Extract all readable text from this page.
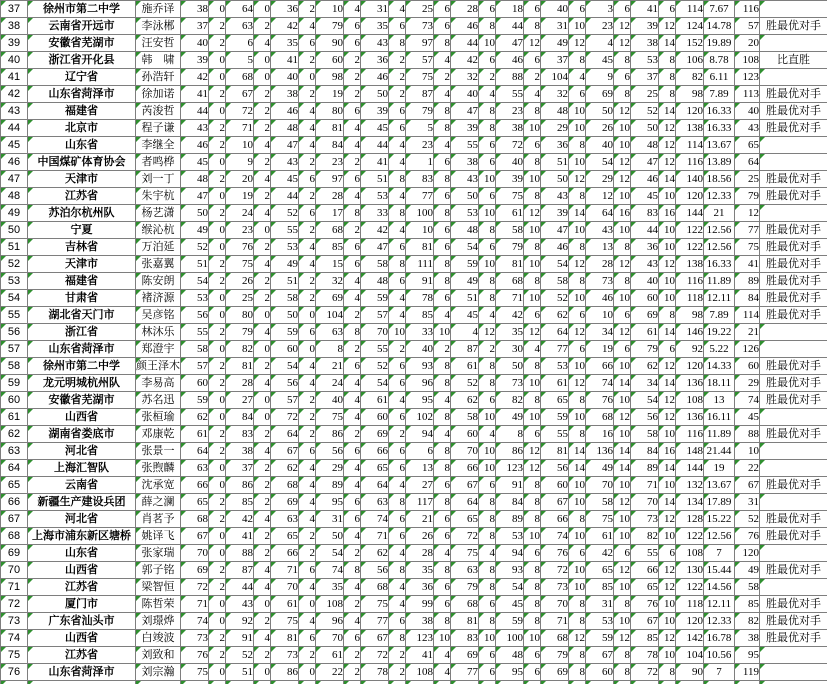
37	徐州市第二中学	施乔译	38	0	64	0	36	2	10	4	31	4	25	6	28	6	18	6	40	6	3	6	41	6	114	7.67	116	

38	云南省开远市	李泳郴	37	2	63	2	42	4	79	6	35	6	73	6	46	8	44	8	31	10	23	12	39	12	124	14.78	57	胜最优对手

39	安徽省芜湖市	汪安哲	40	2	6	4	35	6	90	6	43	8	97	8	44	10	47	12	49	12	4	12	38	14	152	19.89	20	

40	浙江省开化县	韩　啸	39	0	5	0	41	2	60	2	36	2	57	4	42	6	46	6	37	8	45	8	53	8	106	8.78	108	比直胜

41	辽宁省	孙浩轩	42	0	68	0	40	0	98	2	46	2	75	2	32	2	88	2	104	4	9	6	37	8	82	6.11	123	

42	山东省菏泽市	徐加诺	41	2	67	2	38	2	19	2	50	2	87	4	40	4	55	4	32	6	69	8	25	8	98	7.89	113	胜最优对手

43	福建省	芮浚哲	44	0	72	2	46	4	80	6	39	6	79	8	47	8	23	8	48	10	50	12	52	14	120	16.33	40	胜最优对手

44	北京市	程子谦	43	2	71	2	48	4	81	4	45	6	5	8	39	8	38	10	29	10	26	10	50	12	138	16.33	43	胜最优对手

45	山东省	李继全	46	2	10	4	47	4	84	4	44	4	23	4	55	6	72	6	36	8	40	10	48	12	114	13.67	65	

46	中国煤矿体育协会	者鸣桦	45	0	9	2	43	2	23	2	41	4	1	6	38	6	40	8	51	10	54	12	47	12	116	13.89	64	

47	天津市	刘一丁	48	2	20	4	45	6	97	6	51	8	83	8	43	10	39	10	50	12	29	12	46	14	140	18.56	25	胜最优对手

48	江苏省	朱宇杭	47	0	19	2	44	2	28	4	53	4	77	6	50	6	75	8	43	8	12	10	45	10	120	12.33	79	胜最优对手

49	苏泊尔杭州队	杨艺潇	50	2	24	4	52	6	17	8	33	8	100	8	53	10	61	12	39	14	64	16	83	16	144	21	12	

50	宁夏	缑沁杭	49	0	23	0	55	2	68	2	42	4	10	6	48	8	58	10	47	10	43	10	44	10	122	12.56	77	胜最优对手

51	吉林省	万泊延	52	0	76	2	53	4	85	6	47	6	81	6	54	6	79	8	46	8	13	8	36	10	122	12.56	75	胜最优对手

52	天津市	张嘉翼	51	2	75	4	49	4	15	6	58	8	111	8	59	10	81	10	54	12	28	12	43	12	138	16.33	41	胜最优对手

53	福建省	陈安朗	54	2	26	2	51	2	32	4	48	6	91	8	49	8	68	8	58	8	73	8	40	10	116	11.89	89	胜最优对手

54	甘肃省	褚济源	53	0	25	2	58	2	69	4	59	4	78	6	51	8	71	10	52	10	46	10	60	10	118	12.11	84	胜最优对手

55	湖北省天门市	吴彦铭	56	0	80	0	50	0	104	2	57	4	85	4	45	4	42	6	62	6	10	6	69	8	98	7.89	114	胜最优对手

56	浙江省	林沐乐	55	2	79	4	59	6	63	8	70	10	33	10	4	12	35	12	64	12	34	12	61	14	146	19.22	21	

57	山东省菏泽市	郑澄宇	58	0	82	0	60	0	8	2	55	2	40	2	87	2	30	4	77	6	19	6	79	6	92	5.22	126	

58	徐州市第二中学	颜王泽木	57	2	81	2	54	4	21	6	52	6	93	8	61	8	50	8	53	10	66	10	62	12	120	14.33	60	胜最优对手

59	龙元明城杭州队	李易高	60	2	28	4	56	4	24	4	54	6	96	8	52	8	73	10	61	12	74	14	34	14	136	18.11	29	胜最优对手

60	安徽省芜湖市	苏名迅	59	0	27	0	57	2	40	4	61	4	95	4	62	6	82	8	65	8	76	10	54	12	108	13	74	胜最优对手

61	山西省	张桓瑜	62	0	84	0	72	2	75	4	60	6	102	8	58	10	49	10	59	10	68	12	56	12	136	16.11	45	

62	湖南省娄底市	邓康乾	61	2	83	2	64	2	86	2	69	2	94	4	60	4	8	6	55	8	16	10	58	10	116	11.89	88	胜最优对手

63	河北省	张景一	64	2	38	4	67	6	56	6	66	6	6	8	70	10	86	12	81	14	136	14	84	16	148	21.44	10	

64	上海汇智队	张煦麟	63	0	37	2	62	4	29	4	65	6	13	8	66	10	123	12	56	14	49	14	89	14	144	19	22	

65	云南省	沈承宽	66	0	86	2	68	4	89	4	64	4	27	6	67	6	91	8	60	10	70	10	71	10	132	13.67	67	胜最优对手

66	新疆生产建设兵团	薛之澜	65	2	85	2	69	4	95	6	63	8	117	8	64	8	84	8	67	10	58	12	70	14	134	17.89	31	

67	河北省	肖茗予	68	2	42	4	63	4	31	6	74	6	21	6	65	8	89	8	66	8	75	10	73	12	128	15.22	52	胜最优对手

68	上海市浦东新区塘桥	姚译飞	67	0	41	2	65	2	50	4	71	6	26	6	72	8	53	10	74	10	61	10	82	10	122	12.56	76	胜最优对手

69	山东省	张家瑞	70	0	88	2	66	2	54	2	62	4	28	4	75	4	94	6	76	6	42	6	55	6	108	7	120	

70	山西省	郭子铭	69	2	87	4	71	6	74	8	56	8	35	8	63	8	93	8	72	10	65	12	66	12	130	15.44	49	胜最优对手

71	江苏省	梁智恒	72	2	44	4	70	4	35	4	68	4	36	6	79	8	54	8	73	10	85	10	65	12	122	14.56	58	

72	厦门市	陈哲荣	71	0	43	0	61	0	108	2	75	4	99	6	68	6	45	8	70	8	31	8	76	10	118	12.11	85	胜最优对手

73	广东省汕头市	刘璟烨	74	0	92	2	75	4	96	4	77	6	38	8	81	8	59	8	71	8	53	10	67	10	120	12.33	82	胜最优对手

74	山西省	白竣波	73	2	91	4	81	6	70	6	67	8	123	10	83	10	100	10	68	12	59	12	85	12	142	16.78	38	胜最优对手

75	江苏省	刘致和	76	2	52	2	73	2	61	2	72	2	41	4	69	6	48	6	79	8	67	8	78	10	104	10.56	95	

76	山东省菏泽市	刘宗瀚	75	0	51	0	86	0	22	2	78	2	108	4	77	6	95	6	69	8	60	8	72	8	90	7	119	
